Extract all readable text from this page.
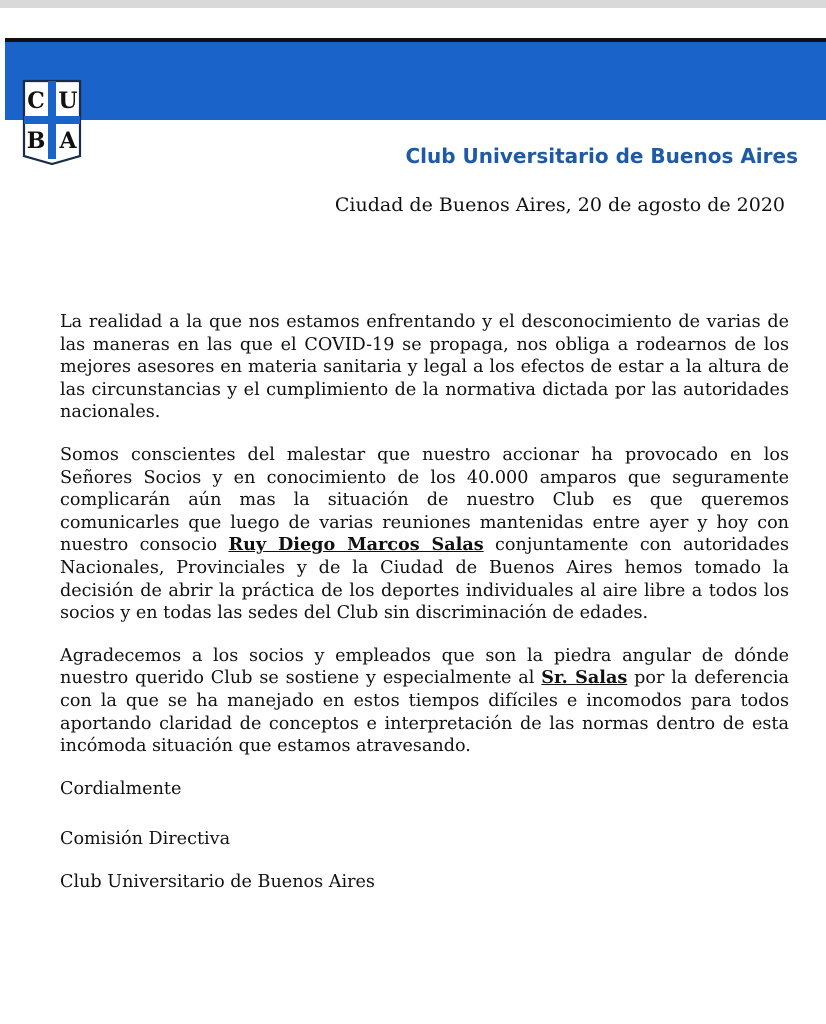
C U
B A
Club Universitario de Buenos Aires
Ciudad de Buenos Aires, 20 de agosto de 2020

La realidad a la que nos estamos enfrentando y el desconocimiento de varias de las maneras en las que el COVID-19 se propaga, nos obliga a rodearnos de los mejores asesores en materia sanitaria y legal a los efectos de estar a la altura de las circunstancias y el cumplimiento de la normativa dictada por las autoridades nacionales.

Somos conscientes del malestar que nuestro accionar ha provocado en los Señores Socios y en conocimiento de los 40.000 amparos que seguramente complicarán aún mas la situación de nuestro Club es que queremos comunicarles que luego de varias reuniones mantenidas entre ayer y hoy con nuestro consocio Ruy Diego Marcos Salas conjuntamente con autoridades Nacionales, Provinciales y de la Ciudad de Buenos Aires hemos tomado la decisión de abrir la práctica de los deportes individuales al aire libre a todos los socios y en todas las sedes del Club sin discriminación de edades.

Agradecemos a los socios y empleados que son la piedra angular de dónde nuestro querido Club se sostiene y especialmente al Sr. Salas por la deferencia con la que se ha manejado en estos tiempos difíciles e incomodos para todos aportando claridad de conceptos e interpretación de las normas dentro de esta incómoda situación que estamos atravesando.

Cordialmente

Comisión Directiva

Club Universitario de Buenos Aires
